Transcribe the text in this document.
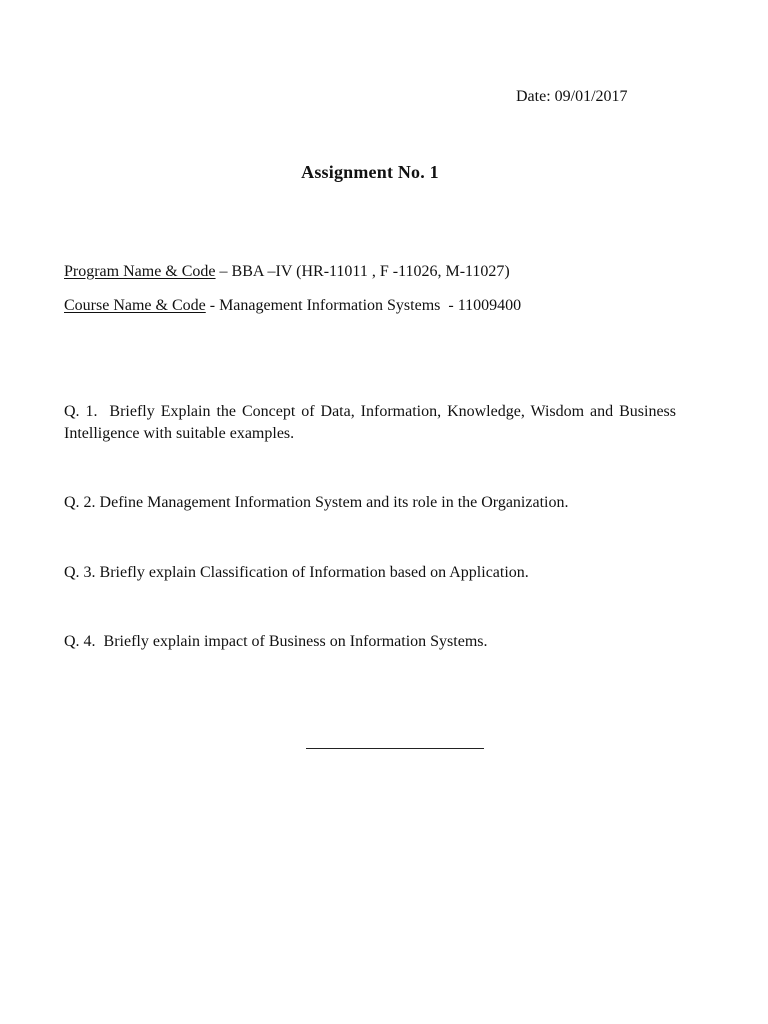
Date: 09/01/2017
Assignment No. 1
Program Name & Code – BBA –IV (HR-11011 , F -11026, M-11027)
Course Name & Code - Management Information Systems  - 11009400
Q. 1.  Briefly Explain the Concept of Data, Information, Knowledge, Wisdom and Business Intelligence with suitable examples.
Q. 2. Define Management Information System and its role in the Organization.
Q. 3. Briefly explain Classification of Information based on Application.
Q. 4.  Briefly explain impact of Business on Information Systems.
